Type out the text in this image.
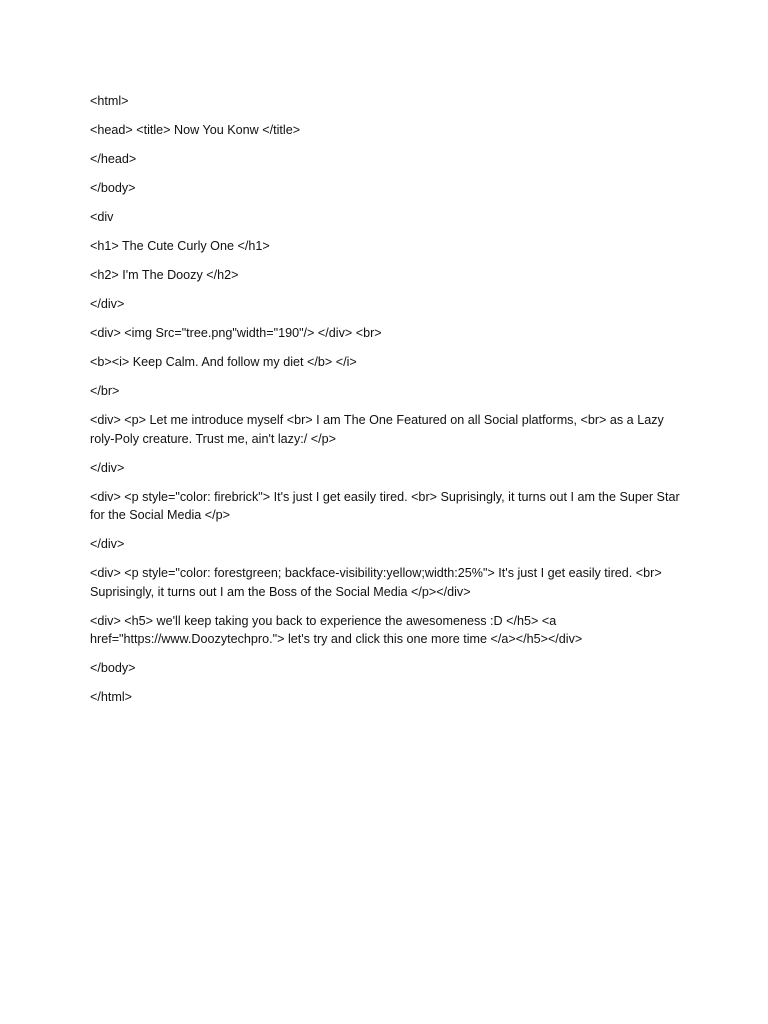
<html>

<head> <title> Now You Konw </title>

</head>

</body>

<div

<h1> The Cute Curly One </h1>

<h2> I'm The Doozy </h2>

</div>

<div> <img Src="tree.png"width="190"/> </div> <br>

<b><i> Keep Calm. And follow my diet </b> </i>

</br>

<div> <p> Let me introduce myself <br> I am The One Featured on all Social platforms, <br> as a Lazy roly-Poly creature. Trust me, ain't lazy:/ </p>

</div>

<div> <p style="color: firebrick"> It's just I get easily tired. <br> Suprisingly, it turns out I am the Super Star for the Social Media </p>

</div>

<div> <p style="color: forestgreen; backface-visibility:yellow;width:25%"> It's just I get easily tired. <br> Suprisingly, it turns out I am the Boss of the Social Media </p></div>

<div> <h5> we'll keep taking you back to experience the awesomeness :D </h5> <a href="https://www.Doozytechpro."> let's try and click this one more time </a></h5></div>

</body>

</html>
